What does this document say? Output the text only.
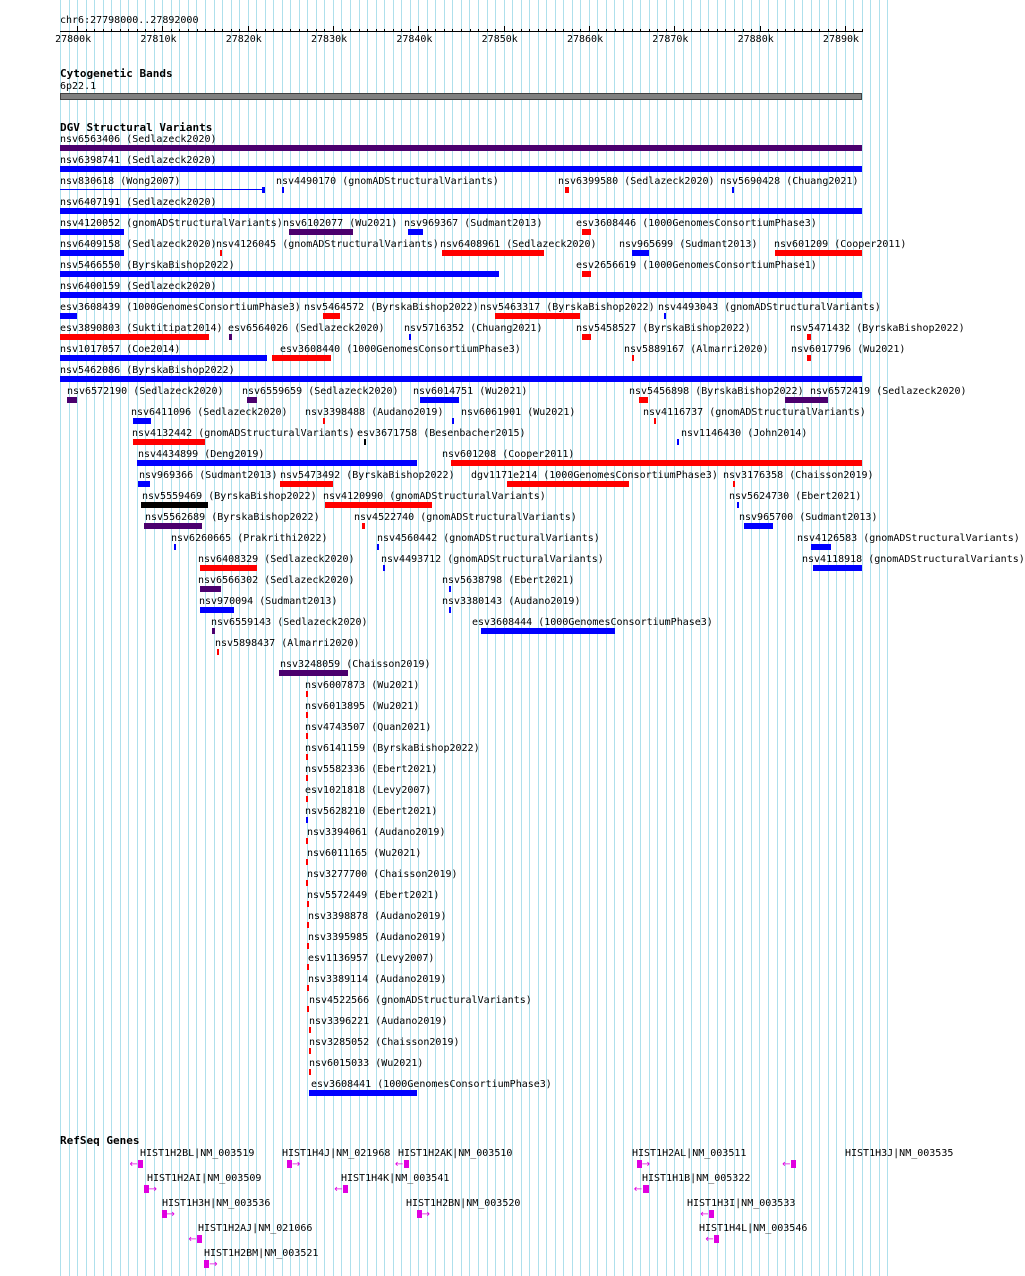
chr6:27798000..27892000
27800k	27810k	27820k	27830k	27840k	27850k	27860k	27870k	27880k	27890k
Cytogenetic Bands
6p22.1
DGV Structural Variants
nsv6563406 (Sedlazeck2020)
nsv6398741 (Sedlazeck2020)
nsv830618 (Wong2007)	nsv4490170 (gnomADStructuralVariants)	nsv6399580 (Sedlazeck2020) nsv5690428 (Chuang2021)
nsv6407191 (Sedlazeck2020)
nsv4120052 (gnomADStructuralVariants) nsv6102077 (Wu2021) nsv969367 (Sudmant2013)	esv3608446 (1000GenomesConsortiumPhase3)
nsv6409158 (Sedlazeck2020) nsv4126045 (gnomADStructuralVariants) nsv6408961 (Sedlazeck2020) nsv965699 (Sudmant2013) nsv601209 (Cooper2011)
nsv5466550 (ByrskaBishop2022)	esv2656619 (1000GenomesConsortiumPhase1)
nsv6400159 (Sedlazeck2020)
esv3608439 (1000GenomesConsortiumPhase3) nsv5464572 (ByrskaBishop2022) nsv5463317 (ByrskaBishop2022) nsv4493043 (gnomADStructuralVariants)
esv3890803 (Suktitipat2014) esv6564026 (Sedlazeck2020) nsv5716352 (Chuang2021)	nsv5458527 (ByrskaBishop2022)	nsv5471432 (ByrskaBishop2022)
nsv1017057 (Coe2014)	esv3608440 (1000GenomesConsortiumPhase3)	nsv5889167 (Almarri2020) nsv6017796 (Wu2021)
nsv5462086 (ByrskaBishop2022)
nsv6572190 (Sedlazeck2020) nsv6559659 (Sedlazeck2020) nsv6014751 (Wu2021)	nsv5456898 (ByrskaBishop2022) nsv6572419 (Sedlazeck2020)
nsv6411096 (Sedlazeck2020) nsv3398488 (Audano2019) nsv6061901 (Wu2021)	nsv4116737 (gnomADStructuralVariants)
nsv4132442 (gnomADStructuralVariants) esv3671758 (Besenbacher2015)	nsv1146430 (John2014)
nsv4434899 (Deng2019)	nsv601208 (Cooper2011)
nsv969366 (Sudmant2013) nsv5473492 (ByrskaBishop2022) dgv1171e214 (1000GenomesConsortiumPhase3) nsv3176358 (Chaisson2019)
nsv5559469 (ByrskaBishop2022) nsv4120990 (gnomADStructuralVariants)	nsv5624730 (Ebert2021)
nsv5562689 (ByrskaBishop2022)	nsv4522740 (gnomADStructuralVariants)	nsv965700 (Sudmant2013)
nsv6260665 (Prakrithi2022)	nsv4560442 (gnomADStructuralVariants)	nsv4126583 (gnomADStructuralVariants)
nsv6408329 (Sedlazeck2020)	nsv4493712 (gnomADStructuralVariants)	nsv4118918 (gnomADStructuralVariants)
nsv6566302 (Sedlazeck2020)	nsv5638798 (Ebert2021)
nsv970094 (Sudmant2013)	nsv3380143 (Audano2019)
nsv6559143 (Sedlazeck2020)	esv3608444 (1000GenomesConsortiumPhase3)
nsv5898437 (Almarri2020)
nsv3248059 (Chaisson2019)
nsv6007873 (Wu2021)
nsv6013895 (Wu2021)
nsv4743507 (Quan2021)
nsv6141159 (ByrskaBishop2022)
nsv5582336 (Ebert2021)
esv1021818 (Levy2007)
nsv5628210 (Ebert2021)
nsv3394061 (Audano2019)
nsv6011165 (Wu2021)
nsv3277700 (Chaisson2019)
nsv5572449 (Ebert2021)
nsv3398878 (Audano2019)
nsv3395985 (Audano2019)
esv1136957 (Levy2007)
nsv3389114 (Audano2019)
nsv4522566 (gnomADStructuralVariants)
nsv3396221 (Audano2019)
nsv3285052 (Chaisson2019)
nsv6015033 (Wu2021)
esv3608441 (1000GenomesConsortiumPhase3)
RefSeq Genes
HIST1H2BL|NM_003519
←
HIST1H4J|NM_021968
→
HIST1H2AK|NM_003510
←
HIST1H2AL|NM_003511
→
HIST1H3J|NM_003535
←
HIST1H2AI|NM_003509
→
HIST1H4K|NM_003541
←
HIST1H1B|NM_005322
←
HIST1H3H|NM_003536
→
HIST1H2BN|NM_003520
→
HIST1H3I|NM_003533
←
HIST1H2AJ|NM_021066
←
HIST1H4L|NM_003546
←
HIST1H2BM|NM_003521
→
